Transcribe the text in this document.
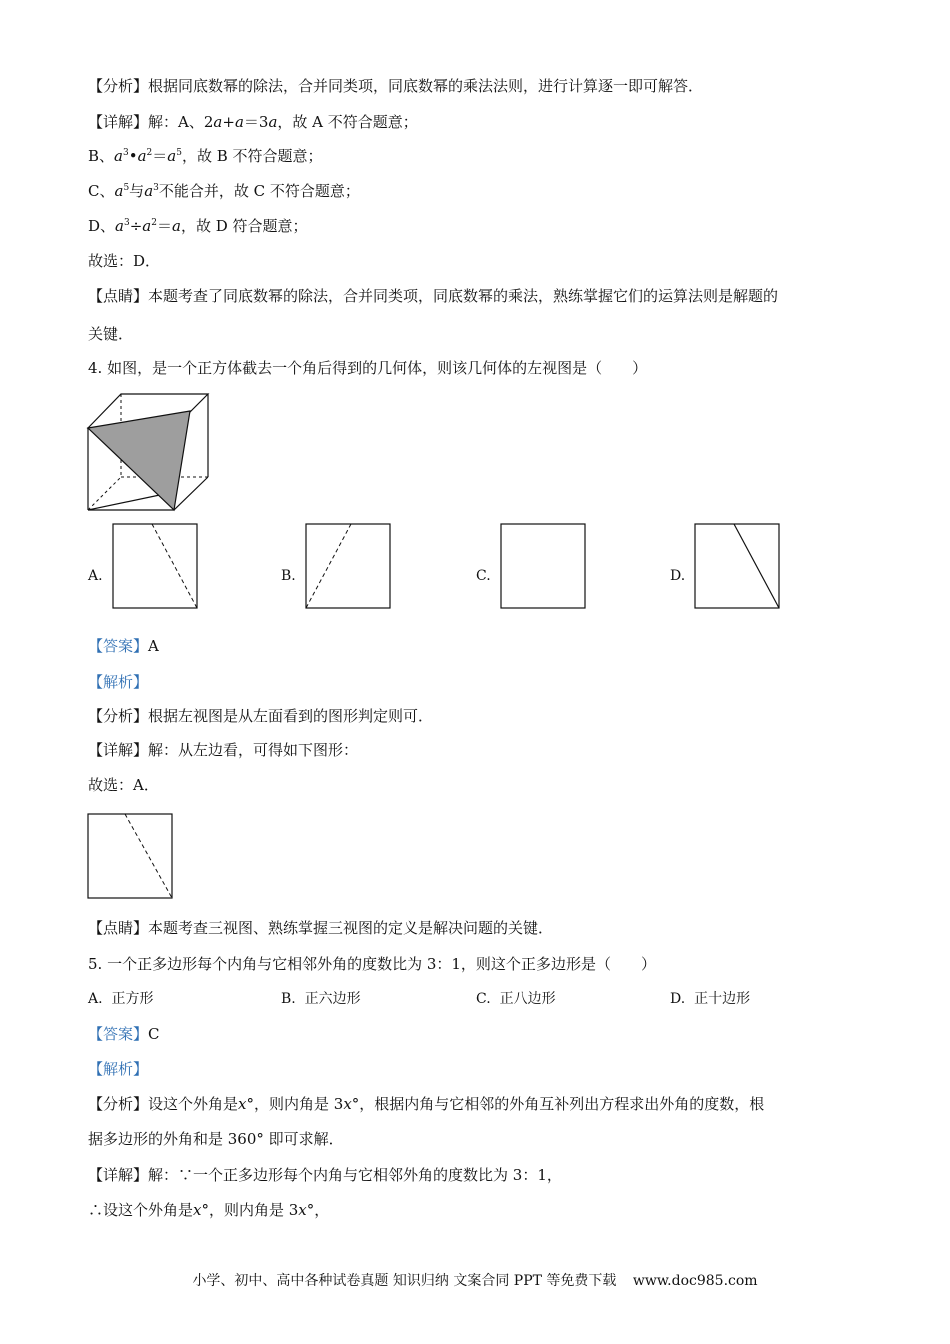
【分析】根据同底数幂的除法，合并同类项，同底数幂的乘法法则，进行计算逐一即可解答．
【详解】解：A、2a+a＝3a，故 A 不符合题意；
B、$a^3•a^2=a^5$，故 B 不符合题意；
C、$a^5$与$a^3$不能合并，故 C 不符合题意；
D、$a^3\div a^2=a$，故 D 符合题意；
故选：D．
【点睛】本题考查了同底数幂的除法，合并同类项，同底数幂的乘法，熟练掌握它们的运算法则是解题的
关键．
4. 如图，是一个正方体截去一个角后得到的几何体，则该几何体的左视图是（　　）
A.	B.	C.	D.
【答案】A
【解析】
【分析】根据左视图是从左面看到的图形判定则可．
【详解】解：从左边看，可得如下图形：
故选：A．
【点睛】本题考查三视图、熟练掌握三视图的定义是解决问题的关键．
5. 一个正多边形每个内角与它相邻外角的度数比为 3：1，则这个正多边形是（　　）
A. 正方形	B. 正六边形	C. 正八边形	D. 正十边形
【答案】C
【解析】
【分析】设这个外角是x°，则内角是 3x°，根据内角与它相邻的外角互补列出方程求出外角的度数，根
据多边形的外角和是 360° 即可求解．
【详解】解：∵一个正多边形每个内角与它相邻外角的度数比为 3：1，
∴设这个外角是x°，则内角是 3x°，
小学、初中、高中各种试卷真题 知识归纳 文案合同 PPT 等免费下载 www.doc985.com
